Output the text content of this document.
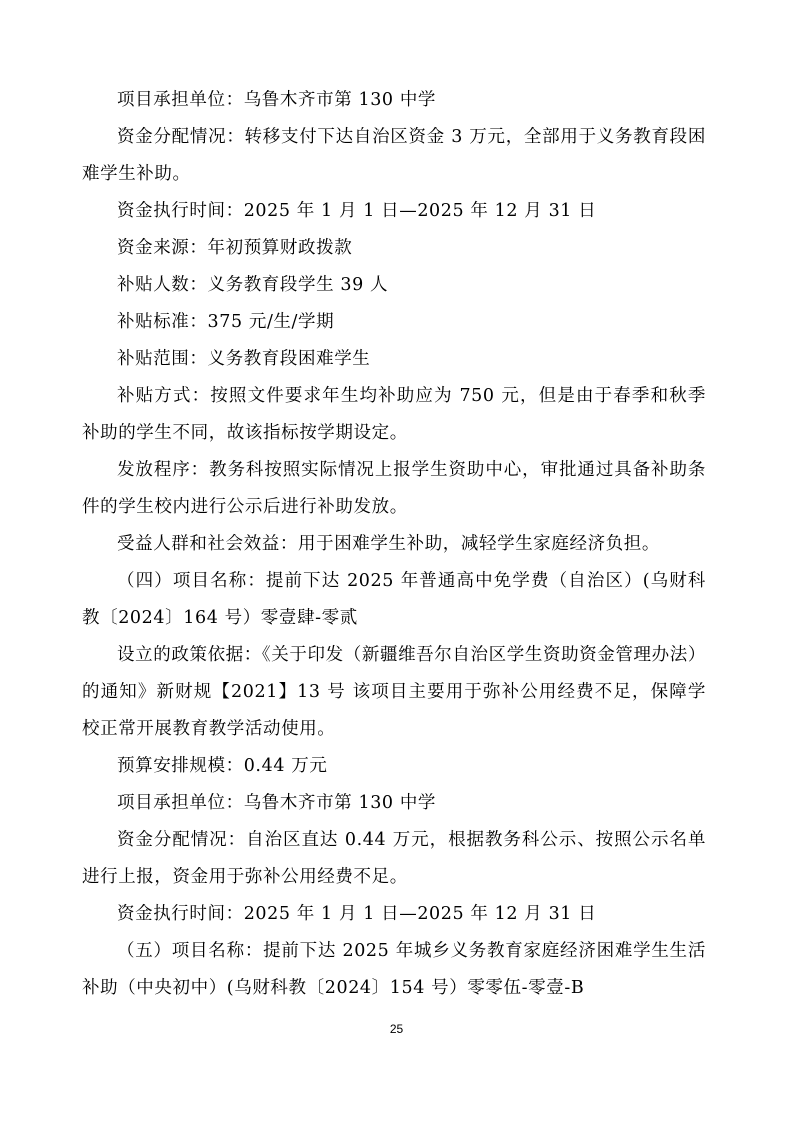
项目承担单位：乌鲁木齐市第 130 中学

资金分配情况：转移支付下达自治区资金 3 万元，全部用于义务教育段困难学生补助。

资金执行时间：2025 年 1 月 1 日—2025 年 12 月 31 日

资金来源：年初预算财政拨款

补贴人数：义务教育段学生 39 人

补贴标准：375 元/生/学期

补贴范围：义务教育段困难学生

补贴方式：按照文件要求年生均补助应为 750 元，但是由于春季和秋季补助的学生不同，故该指标按学期设定。

发放程序：教务科按照实际情况上报学生资助中心，审批通过具备补助条件的学生校内进行公示后进行补助发放。

受益人群和社会效益：用于困难学生补助，减轻学生家庭经济负担。

（四）项目名称：提前下达 2025 年普通高中免学费（自治区）(乌财科教〔2024〕164 号）零壹肆-零贰

设立的政策依据：《关于印发（新疆维吾尔自治区学生资助资金管理办法）的通知》新财规【2021】13 号 该项目主要用于弥补公用经费不足，保障学校正常开展教育教学活动使用。

预算安排规模：0.44 万元

项目承担单位：乌鲁木齐市第 130 中学

资金分配情况：自治区直达 0.44 万元，根据教务科公示、按照公示名单进行上报，资金用于弥补公用经费不足。

资金执行时间：2025 年 1 月 1 日—2025 年 12 月 31 日

（五）项目名称：提前下达 2025 年城乡义务教育家庭经济困难学生生活补助（中央初中）(乌财科教〔2024〕154 号）零零伍-零壹-B

25
